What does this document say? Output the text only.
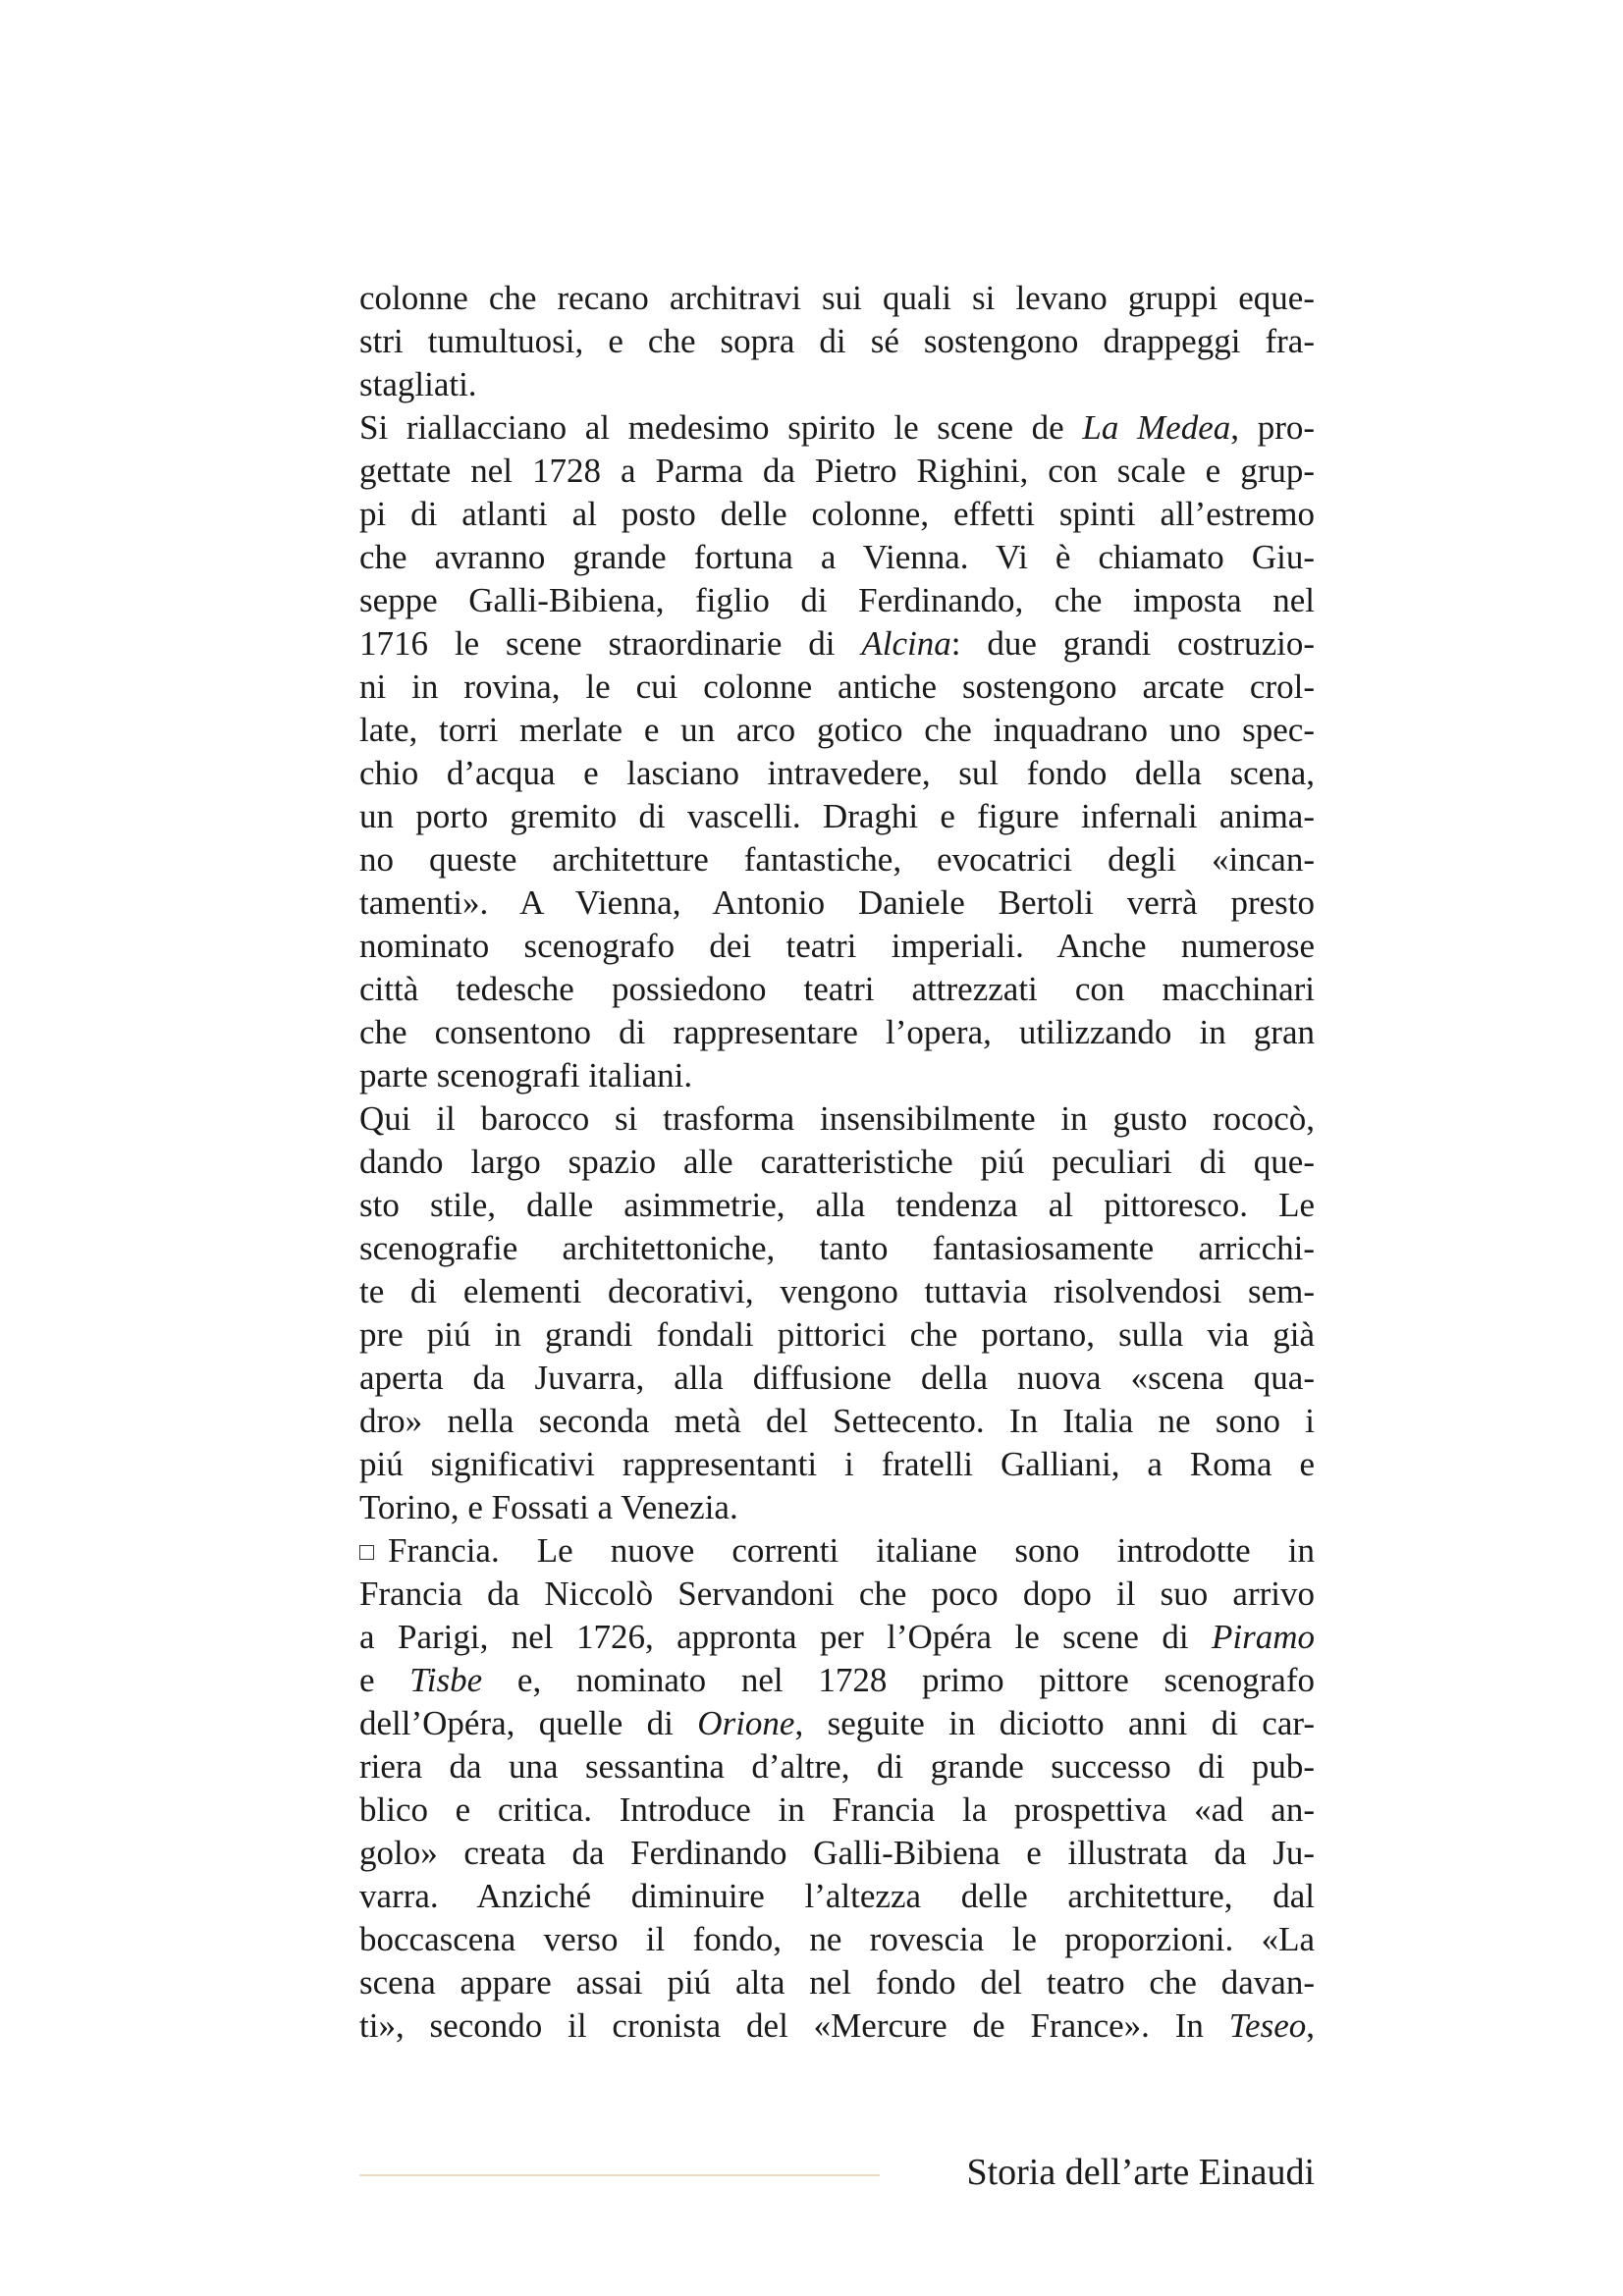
colonne che recano architravi sui quali si levano gruppi eque-
stri tumultuosi, e che sopra di sé sostengono drappeggi fra-
stagliati.
Si riallacciano al medesimo spirito le scene de La Medea, pro-
gettate nel 1728 a Parma da Pietro Righini, con scale e grup-
pi di atlanti al posto delle colonne, effetti spinti all’estremo
che avranno grande fortuna a Vienna. Vi è chiamato Giu-
seppe Galli-Bibiena, figlio di Ferdinando, che imposta nel
1716 le scene straordinarie di Alcina: due grandi costruzio-
ni in rovina, le cui colonne antiche sostengono arcate crol-
late, torri merlate e un arco gotico che inquadrano uno spec-
chio d’acqua e lasciano intravedere, sul fondo della scena,
un porto gremito di vascelli. Draghi e figure infernali anima-
no queste architetture fantastiche, evocatrici degli «incan-
tamenti». A Vienna, Antonio Daniele Bertoli verrà presto
nominato scenografo dei teatri imperiali. Anche numerose
città tedesche possiedono teatri attrezzati con macchinari
che consentono di rappresentare l’opera, utilizzando in gran
parte scenografi italiani.
Qui il barocco si trasforma insensibilmente in gusto rococò,
dando largo spazio alle caratteristiche piú peculiari di que-
sto stile, dalle asimmetrie, alla tendenza al pittoresco. Le
scenografie architettoniche, tanto fantasiosamente arricchi-
te di elementi decorativi, vengono tuttavia risolvendosi sem-
pre piú in grandi fondali pittorici che portano, sulla via già
aperta da Juvarra, alla diffusione della nuova «scena qua-
dro» nella seconda metà del Settecento. In Italia ne sono i
piú significativi rappresentanti i fratelli Galliani, a Roma e
Torino, e Fossati a Venezia.
Francia. Le nuove correnti italiane sono introdotte in
Francia da Niccolò Servandoni che poco dopo il suo arrivo
a Parigi, nel 1726, appronta per l’Opéra le scene di Piramo
e Tisbe e, nominato nel 1728 primo pittore scenografo
dell’Opéra, quelle di Orione, seguite in diciotto anni di car-
riera da una sessantina d’altre, di grande successo di pub-
blico e critica. Introduce in Francia la prospettiva «ad an-
golo» creata da Ferdinando Galli-Bibiena e illustrata da Ju-
varra. Anziché diminuire l’altezza delle architetture, dal
boccascena verso il fondo, ne rovescia le proporzioni. «La
scena appare assai piú alta nel fondo del teatro che davan-
ti», secondo il cronista del «Mercure de France». In Teseo,
Storia dell’arte Einaudi
